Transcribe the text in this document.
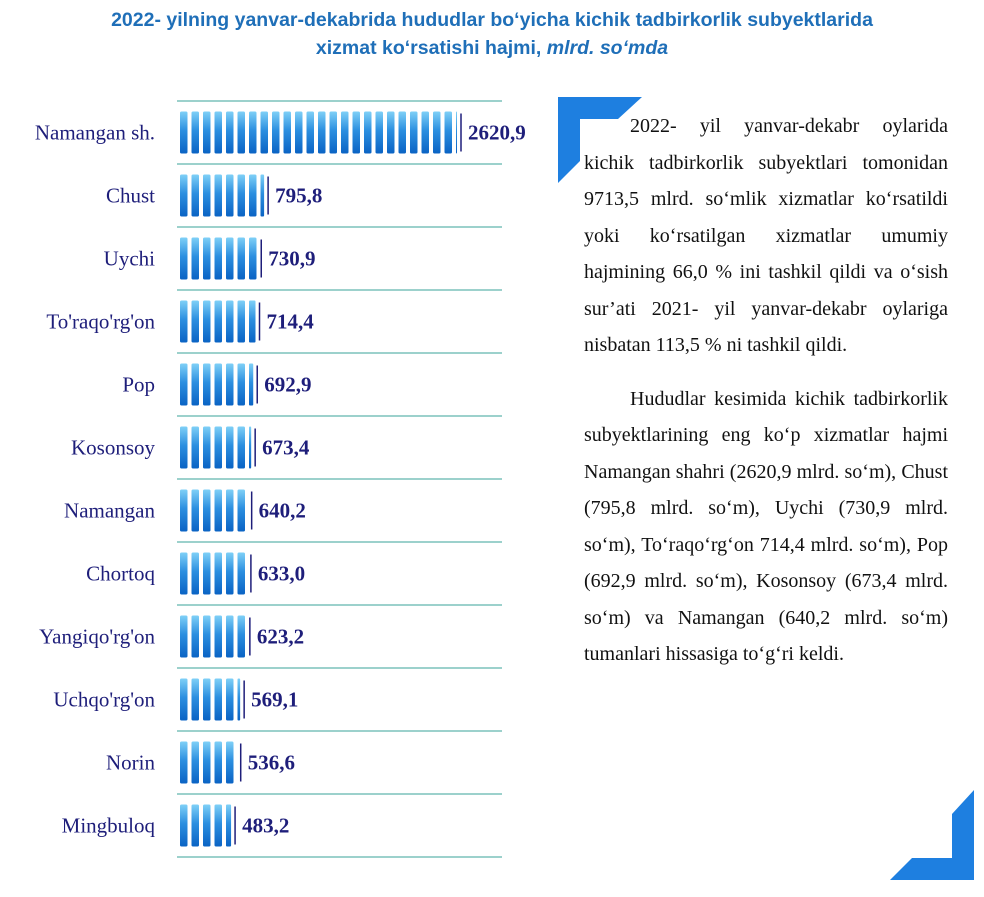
2022- yilning yanvar-dekabrida hududlar bo‘yicha kichik tadbirkorlik subyektlarida
xizmat ko‘rsatishi hajmi, mlrd. so‘mda
Namangan sh.
Chust
Uychi
To'raqo'rg'on
Pop
Kosonsoy
Namangan
Chortoq
Yangiqo'rg'on
Uchqo'rg'on
Norin
Mingbuloq
2620,9
795,8
730,9
714,4
692,9
673,4
640,2
633,0
623,2
569,1
536,6
483,2

2022- yil yanvar-dekabr oylarida kichik tadbirkorlik subyektlari tomonidan 9713,5 mlrd. so‘mlik xizmatlar ko‘rsatildi yoki ko‘rsatilgan xizmatlar umumiy hajmining 66,0 % ini tashkil qildi va o‘sish sur’ati 2021- yil yanvar-dekabr oylariga nisbatan 113,5 % ni tashkil qildi.

Hududlar kesimida kichik tadbirkorlik subyektlarining eng ko‘p xizmatlar hajmi Namangan shahri (2620,9 mlrd. so‘m), Chust (795,8 mlrd. so‘m), Uychi (730,9 mlrd. so‘m), To‘raqo‘rg‘on 714,4 mlrd. so‘m), Pop (692,9 mlrd. so‘m), Kosonsoy (673,4 mlrd. so‘m) va Namangan (640,2 mlrd. so‘m) tumanlari hissasiga to‘g‘ri keldi.
